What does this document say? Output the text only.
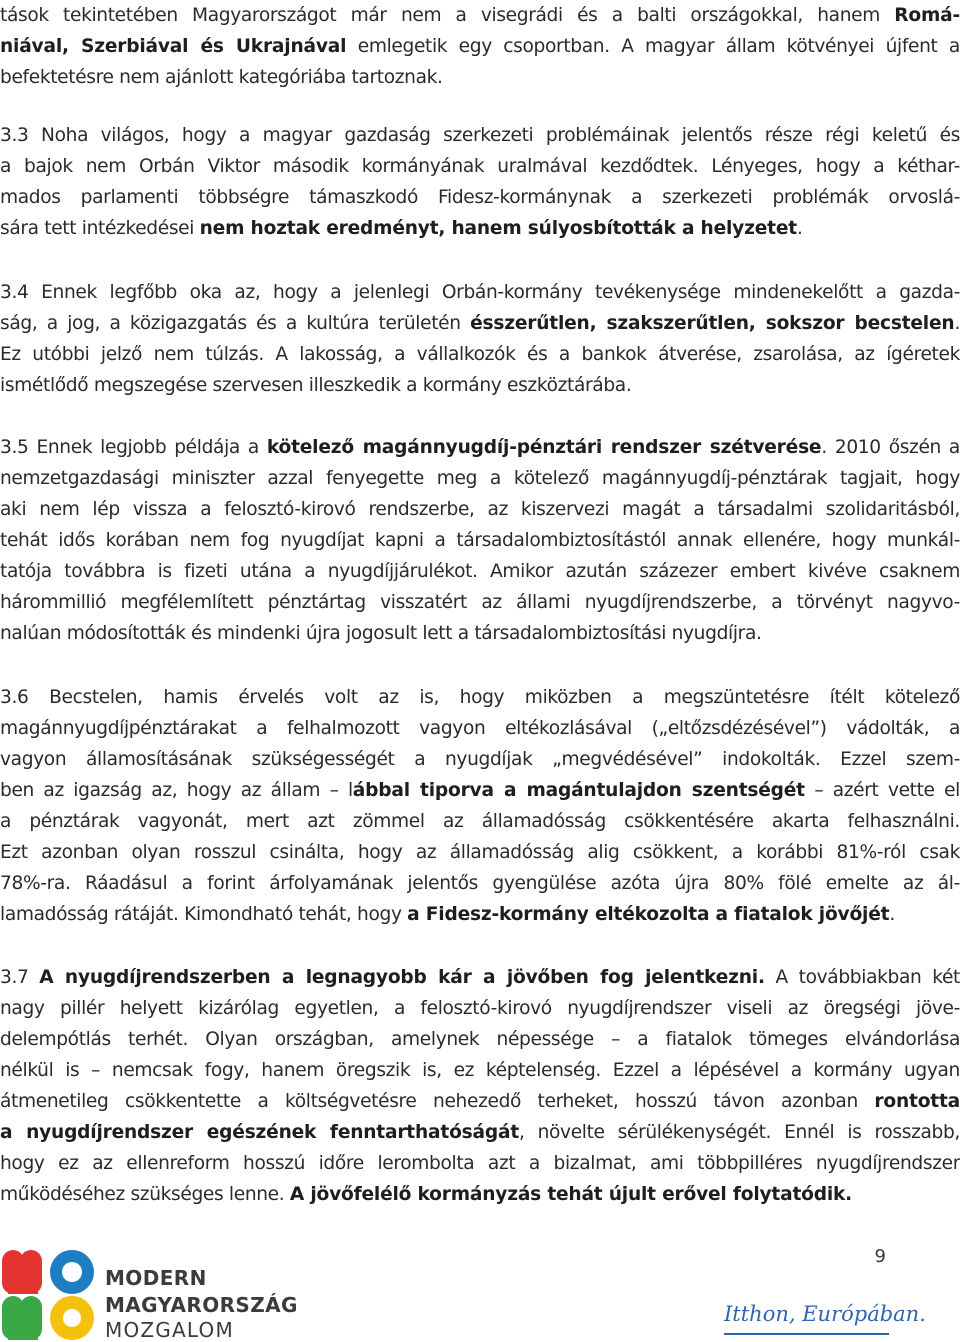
tások tekintetében Magyarországot már nem a visegrádi és a balti országokkal, hanem Romá-
niával, Szerbiával és Ukrajnával emlegetik egy csoportban. A magyar állam kötvényei újfent a
befektetésre nem ajánlott kategóriába tartoznak.
3.3 Noha világos, hogy a magyar gazdaság szerkezeti problémáinak jelentős része régi keletű és
a bajok nem Orbán Viktor második kormányának uralmával kezdődtek. Lényeges, hogy a kéthar-
mados parlamenti többségre támaszkodó Fidesz-kormánynak a szerkezeti problémák orvoslá-
sára tett intézkedései nem hoztak eredményt, hanem súlyosbították a helyzetet.
3.4 Ennek legfőbb oka az, hogy a jelenlegi Orbán-kormány tevékenysége mindenekelőtt a gazda-
ság, a jog, a közigazgatás és a kultúra területén ésszerűtlen, szakszerűtlen, sokszor becstelen.
Ez utóbbi jelző nem túlzás. A lakosság, a vállalkozók és a bankok átverése, zsarolása, az ígéretek
ismétlődő megszegése szervesen illeszkedik a kormány eszköztárába.
3.5 Ennek legjobb példája a kötelező magánnyugdíj-pénztári rendszer szétverése. 2010 őszén a
nemzetgazdasági miniszter azzal fenyegette meg a kötelező magánnyugdíj-pénztárak tagjait, hogy
aki nem lép vissza a felosztó-kirovó rendszerbe, az kiszervezi magát a társadalmi szolidaritásból,
tehát idős korában nem fog nyugdíjat kapni a társadalombiztosítástól annak ellenére, hogy munkál-
tatója továbbra is fizeti utána a nyugdíjjárulékot. Amikor azután százezer embert kivéve csaknem
hárommillió megfélemlített pénztártag visszatért az állami nyugdíjrendszerbe, a törvényt nagyvo-
nalúan módosították és mindenki újra jogosult lett a társadalombiztosítási nyugdíjra.
3.6 Becstelen, hamis érvelés volt az is, hogy miközben a megszüntetésre ítélt kötelező
magánnyugdíjpénztárakat a felhalmozott vagyon eltékozlásával („eltőzsdézésével”) vádolták, a
vagyon államosításának szükségességét a nyugdíjak „megvédésével” indokolták. Ezzel szem-
ben az igazság az, hogy az állam – lábbal tiporva a magántulajdon szentségét – azért vette el
a pénztárak vagyonát, mert azt zömmel az államadósság csökkentésére akarta felhasználni.
Ezt azonban olyan rosszul csinálta, hogy az államadósság alig csökkent, a korábbi 81%-ról csak
78%-ra. Ráadásul a forint árfolyamának jelentős gyengülése azóta újra 80% fölé emelte az ál-
lamadósság rátáját. Kimondható tehát, hogy a Fidesz-kormány eltékozolta a fiatalok jövőjét.
3.7 A nyugdíjrendszerben a legnagyobb kár a jövőben fog jelentkezni. A továbbiakban két
nagy pillér helyett kizárólag egyetlen, a felosztó-kirovó nyugdíjrendszer viseli az öregségi jöve-
delempótlás terhét. Olyan országban, amelynek népessége – a fiatalok tömeges elvándorlása
nélkül is – nemcsak fogy, hanem öregszik is, ez képtelenség. Ezzel a lépésével a kormány ugyan
átmenetileg csökkentette a költségvetésre nehezedő terheket, hosszú távon azonban rontotta
a nyugdíjrendszer egészének fenntarthatóságát, növelte sérülékenységét. Ennél is rosszabb,
hogy ez az ellenreform hosszú időre lerombolta azt a bizalmat, ami többpilléres nyugdíjrendszer
működéséhez szükséges lenne. A jövőfelélő kormányzás tehát újult erővel folytatódik.
MODERN
MAGYARORSZÁG
MOZGALOM
9
Itthon, Európában.
